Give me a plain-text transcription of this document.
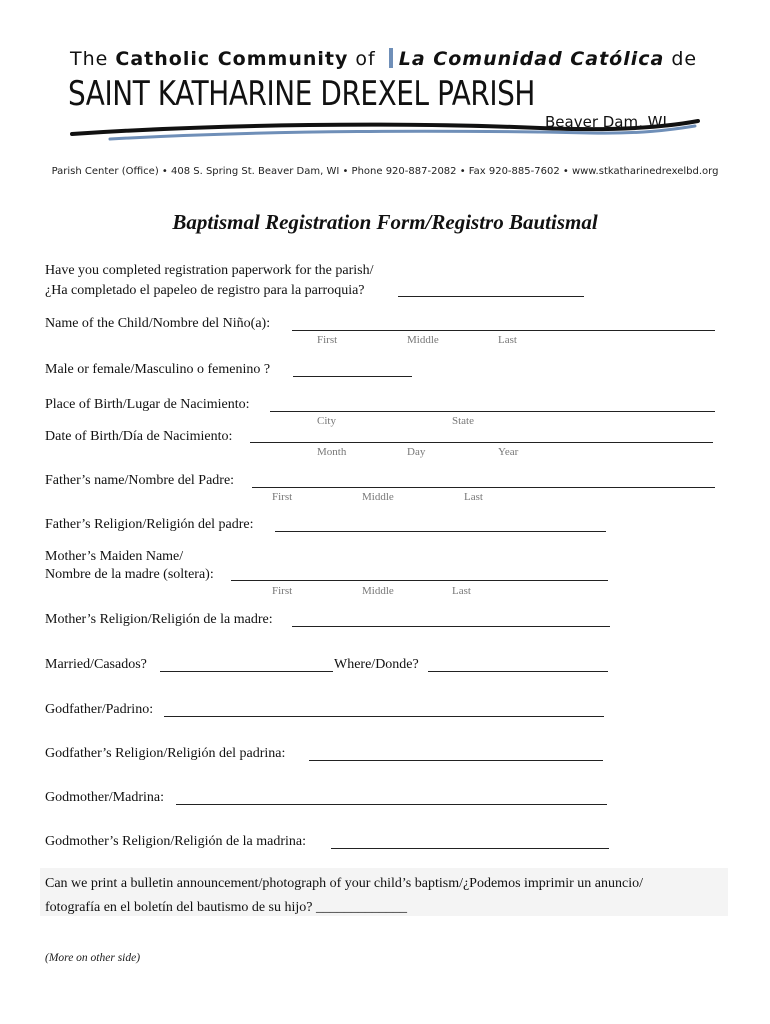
The Catholic Community of La Comunidad Católica de
SAINT KATHARINE DREXEL PARISH
Beaver Dam, WI
Parish Center (Office) • 408 S. Spring St. Beaver Dam, WI • Phone 920-887-2082 • Fax 920-885-7602 • www.stkatharinedrexelbd.org
Baptismal Registration Form/Registro Bautismal
Have you completed registration paperwork for the parish/
¿Ha completado el papeleo de registro para la parroquia?
Name of the Child/Nombre del Niño(a):
First	Middle	Last
Male or female/Masculino o femenino ?
Place of Birth/Lugar de Nacimiento:
City	State
Date of Birth/Día de Nacimiento:
Month	Day	Year
Father’s name/Nombre del Padre:
First	Middle	Last
Father’s Religion/Religión del padre:
Mother’s Maiden Name/
Nombre de la madre (soltera):
First	Middle	Last
Mother’s Religion/Religión de la madre:
Married/Casados?	Where/Donde?
Godfather/Padrino:
Godfather’s Religion/Religión del padrina:
Godmother/Madrina:
Godmother’s Religion/Religión de la madrina:
Can we print a bulletin announcement/photograph of your child’s baptism/¿Podemos imprimir un anuncio/
fotografía en el boletín del bautismo de su hijo? _____________
(More on other side)
